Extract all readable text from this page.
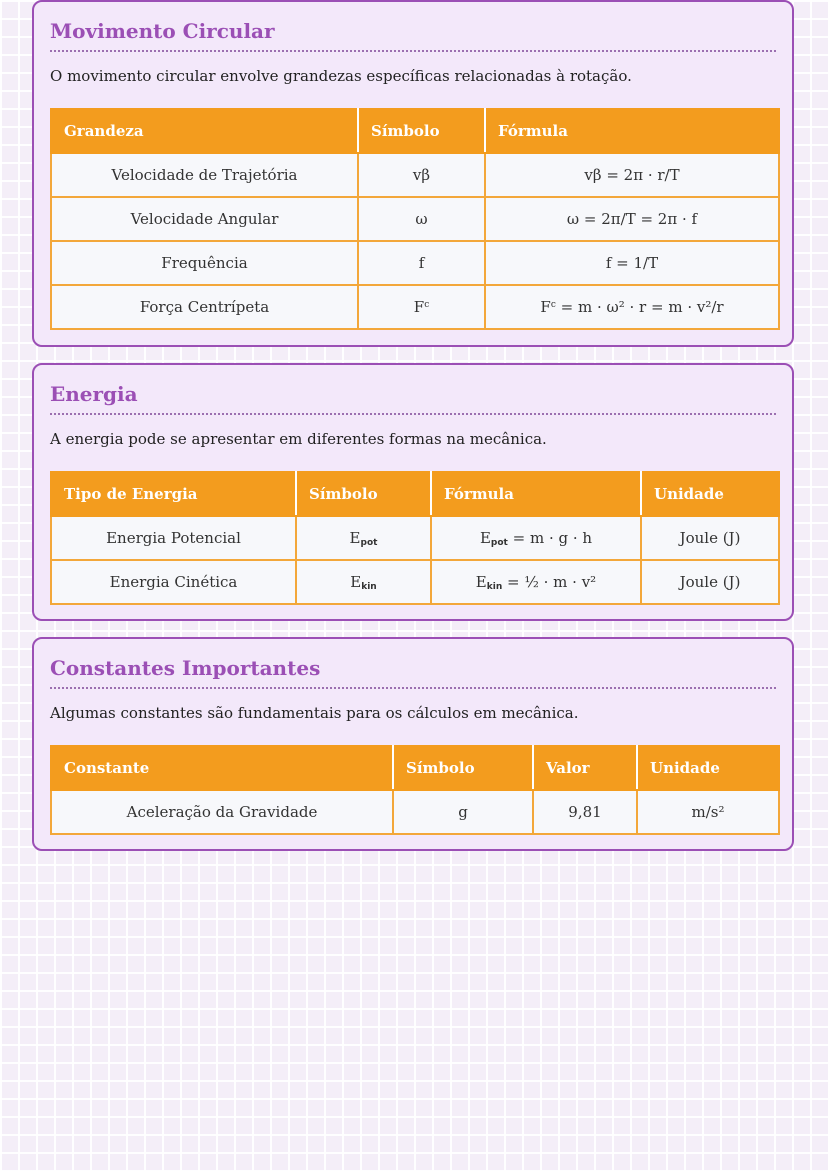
Movimento Circular

O movimento circular envolve grandezas específicas relacionadas à rotação.

Grandeza	Símbolo	Fórmula
Velocidade de Trajetória	vβ	vβ = 2π · r/T
Velocidade Angular	ω	ω = 2π/T = 2π · f
Frequência	f	f = 1/T
Força Centrípeta	$F^c$	$F^c = m \cdot \omega^2 \cdot r = m \cdot v^2/r$
Energia

A energia pode se apresentar em diferentes formas na mecânica.

Tipo de Energia	Símbolo	Fórmula	Unidade
Energia Potencial	Epot	Epot = m · g · h	Joule (J)
Energia Cinética	Ekin	Ekin = ½ · m · v²	Joule (J)
Constantes Importantes

Algumas constantes são fundamentais para os cálculos em mecânica.

Constante	Símbolo	Valor	Unidade
Aceleração da Gravidade	g	9,81	m/s²
